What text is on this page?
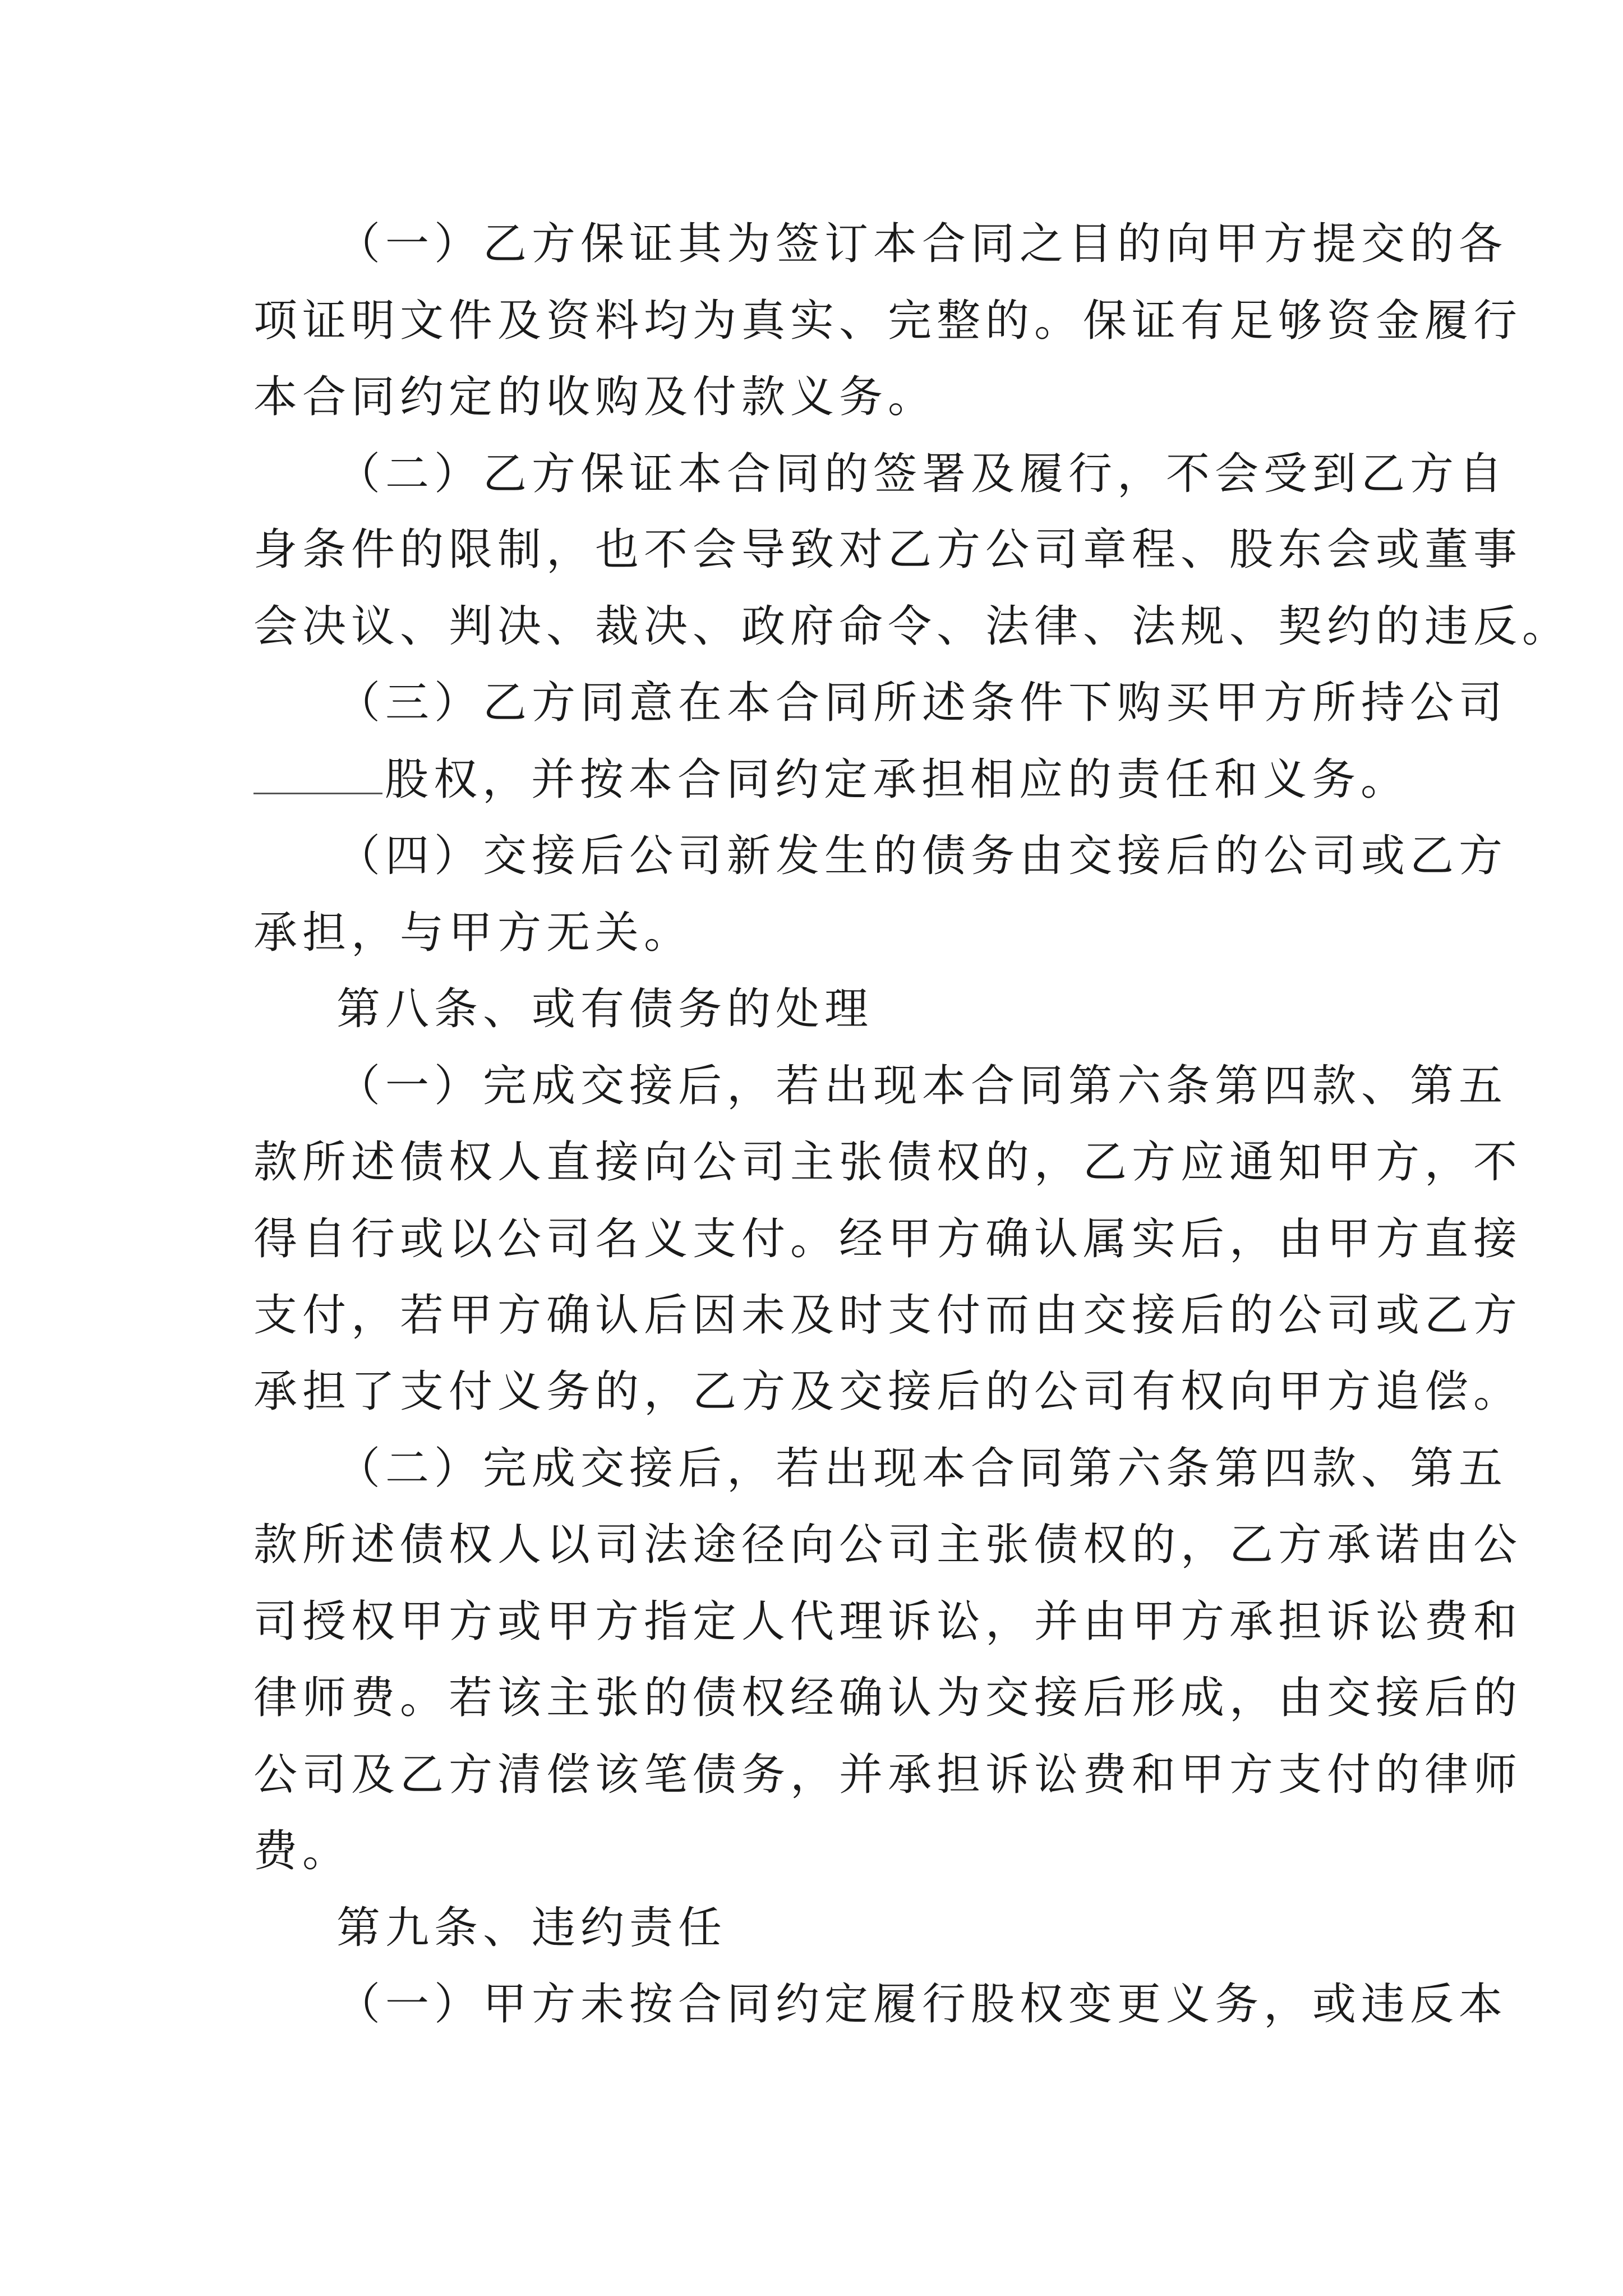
（一）乙方保证其为签订本合同之目的向甲方提交的各
项证明文件及资料均为真实、完整的。保证有足够资金履行
本合同约定的收购及付款义务。
（二）乙方保证本合同的签署及履行，不会受到乙方自
身条件的限制，也不会导致对乙方公司章程、股东会或董事
会决议、判决、裁决、政府命令、法律、法规、契约的违反。
（三）乙方同意在本合同所述条件下购买甲方所持公司
股权，并按本合同约定承担相应的责任和义务。
（四）交接后公司新发生的债务由交接后的公司或乙方
承担，与甲方无关。
第八条、或有债务的处理
（一）完成交接后，若出现本合同第六条第四款、第五
款所述债权人直接向公司主张债权的，乙方应通知甲方，不
得自行或以公司名义支付。经甲方确认属实后，由甲方直接
支付，若甲方确认后因未及时支付而由交接后的公司或乙方
承担了支付义务的，乙方及交接后的公司有权向甲方追偿。
（二）完成交接后，若出现本合同第六条第四款、第五
款所述债权人以司法途径向公司主张债权的，乙方承诺由公
司授权甲方或甲方指定人代理诉讼，并由甲方承担诉讼费和
律师费。若该主张的债权经确认为交接后形成，由交接后的
公司及乙方清偿该笔债务，并承担诉讼费和甲方支付的律师
费。
第九条、违约责任
（一）甲方未按合同约定履行股权变更义务，或违反本
